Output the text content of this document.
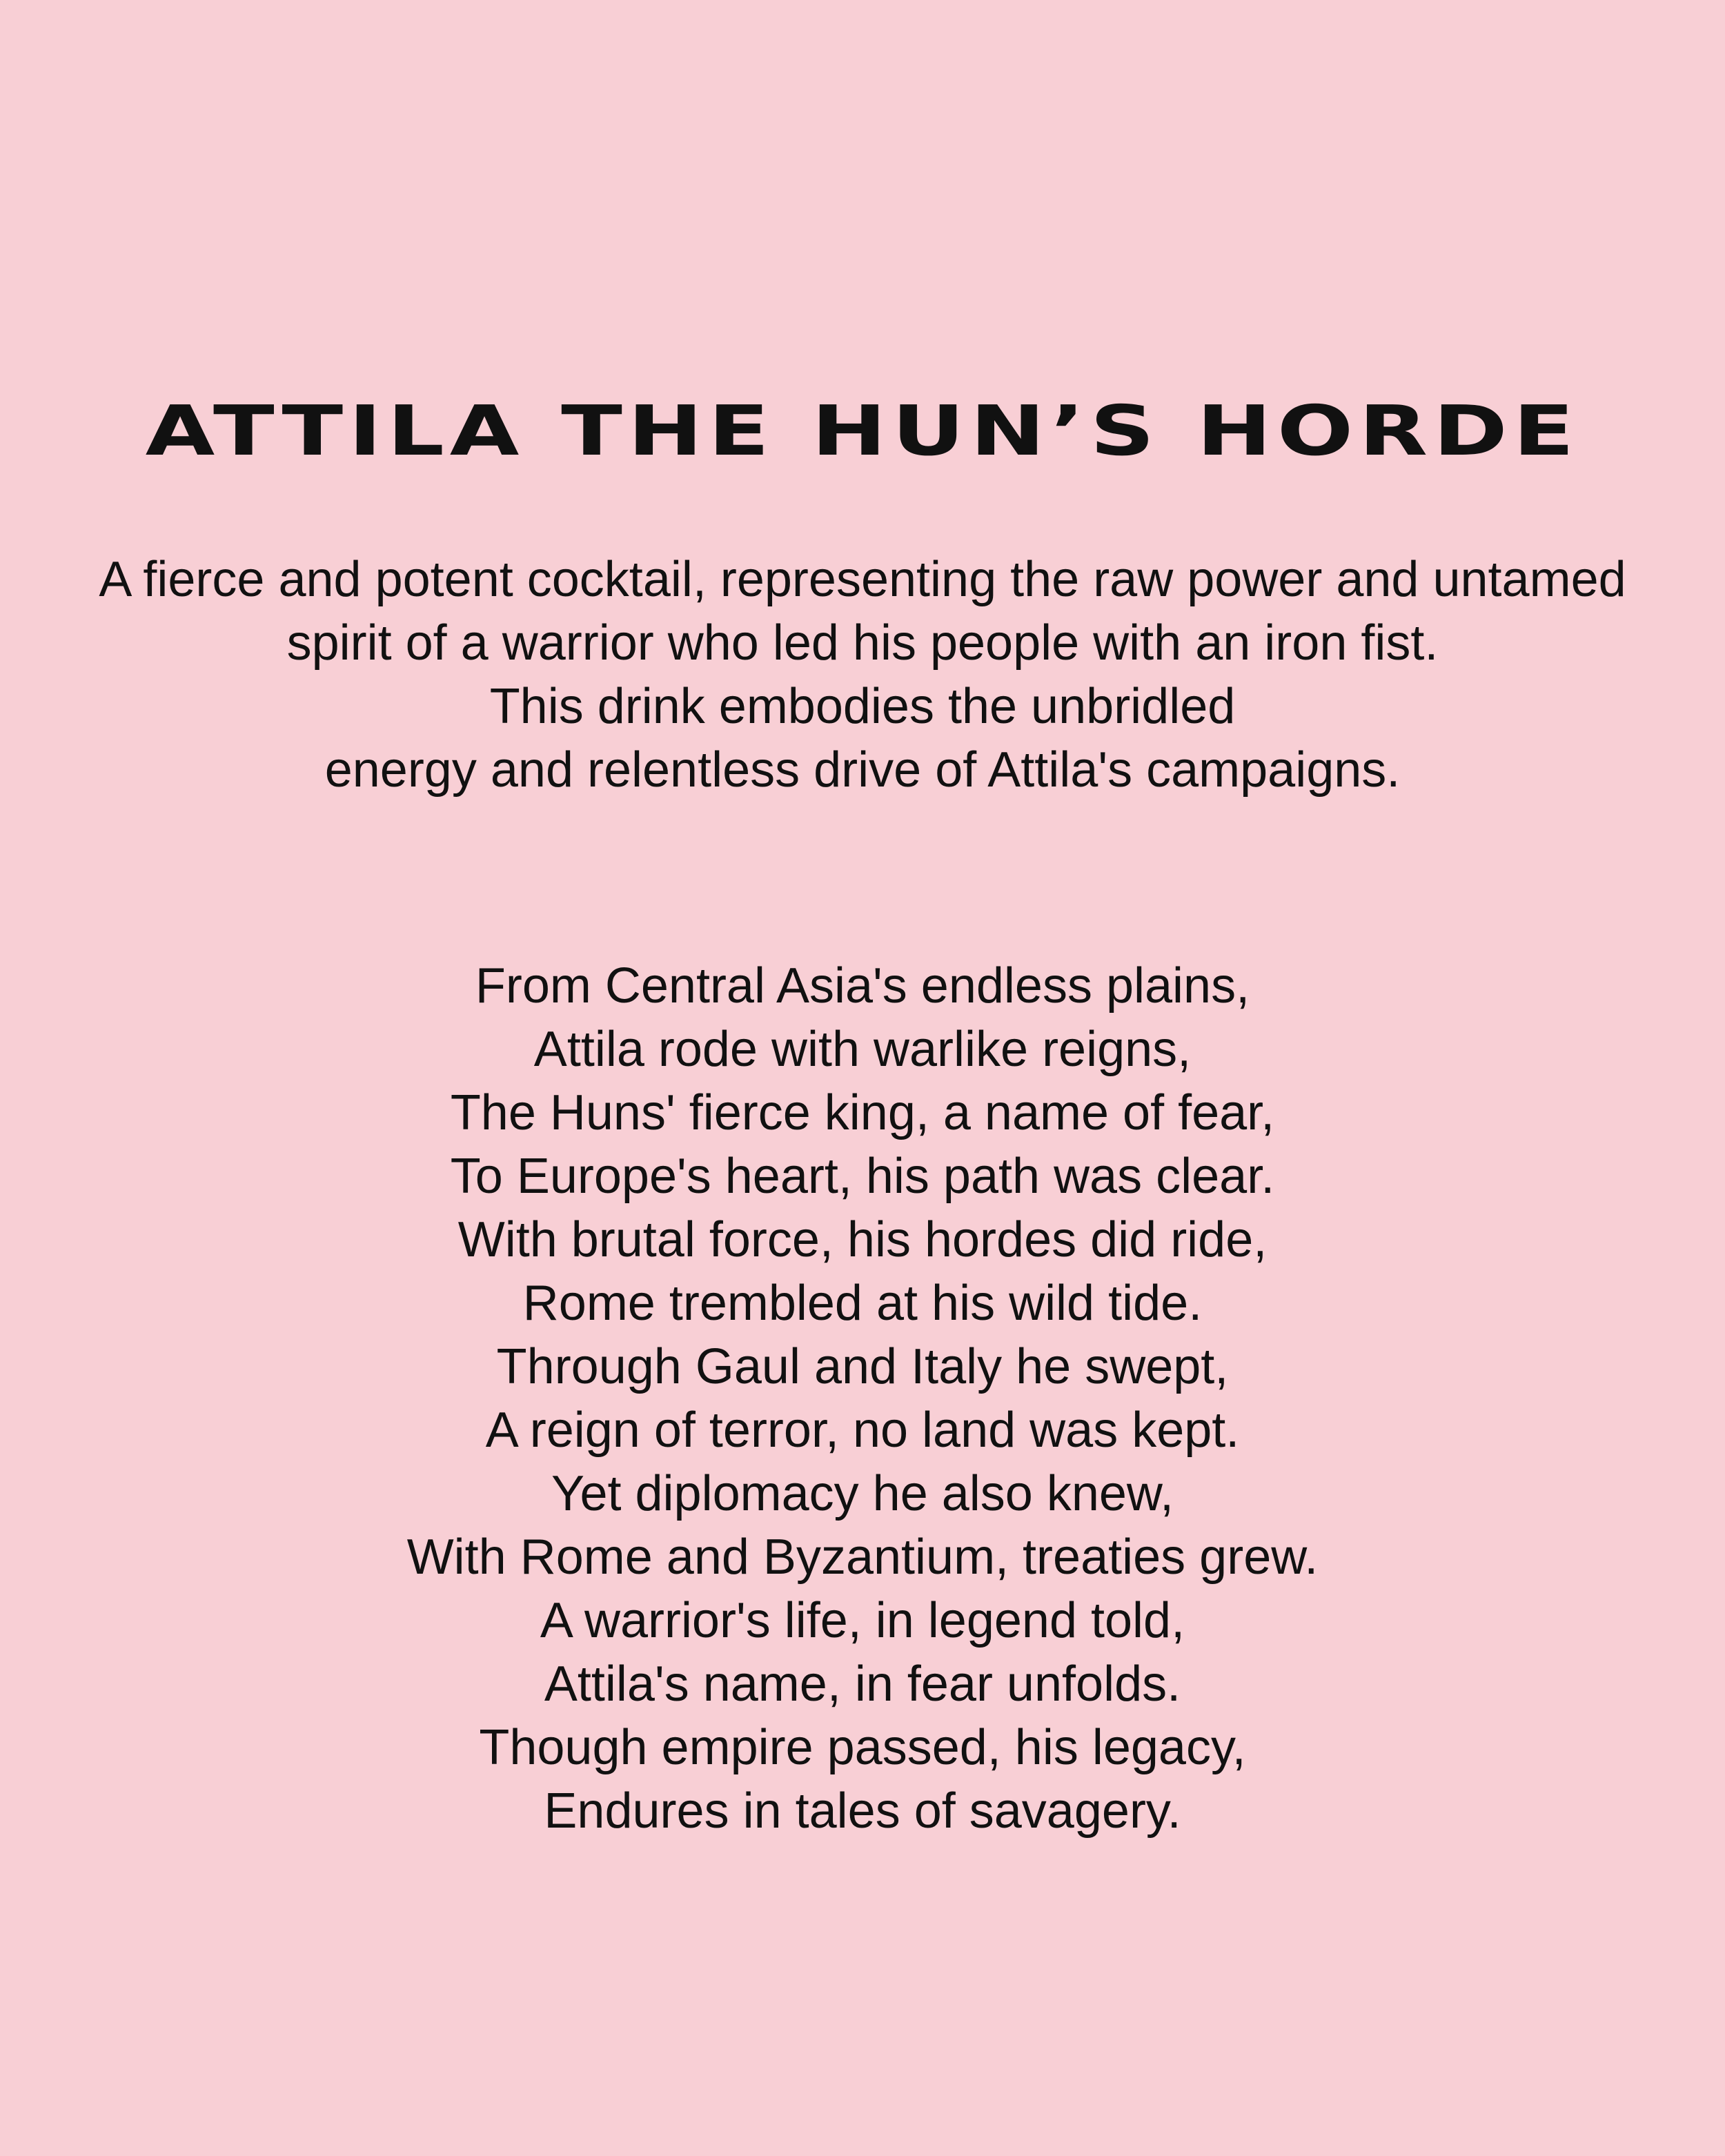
ATTILA THE HUN’S HORDE
A fierce and potent cocktail, representing the raw power and untamed
spirit of a warrior who led his people with an iron fist.
This drink embodies the unbridled
energy and relentless drive of Attila's campaigns.
From Central Asia's endless plains,
Attila rode with warlike reigns,
The Huns' fierce king, a name of fear,
To Europe's heart, his path was clear.
With brutal force, his hordes did ride,
Rome trembled at his wild tide.
Through Gaul and Italy he swept,
A reign of terror, no land was kept.
Yet diplomacy he also knew,
With Rome and Byzantium, treaties grew.
A warrior's life, in legend told,
Attila's name, in fear unfolds.
Though empire passed, his legacy,
Endures in tales of savagery.
